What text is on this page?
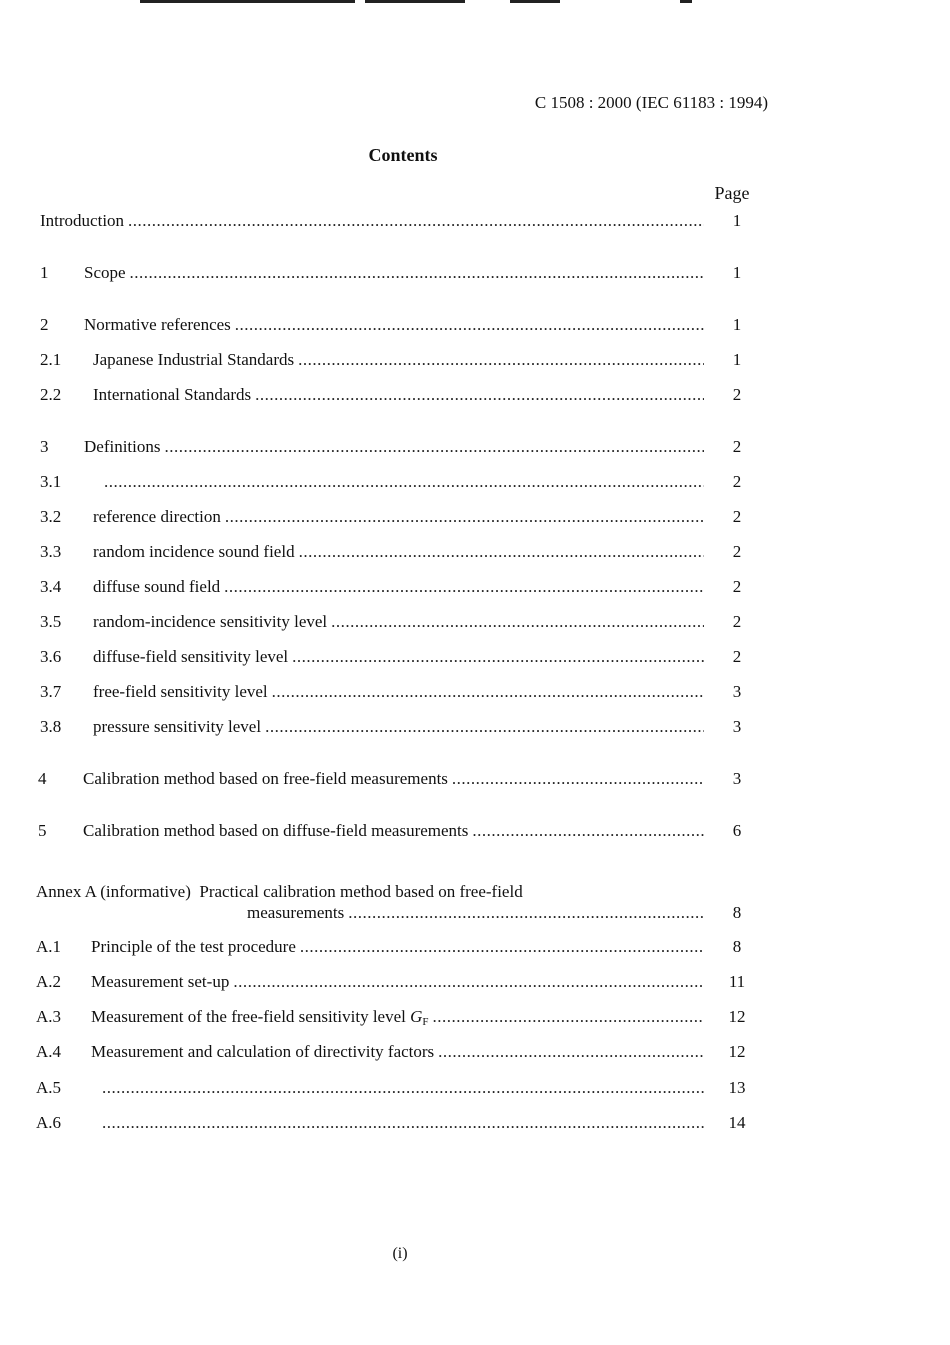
C 1508 : 2000 (IEC 61183 : 1994)
Contents
Page
Introduction .....	1
1 Scope .....	1
2 Normative references .....	1
2.1 Japanese Industrial Standards .....	1
2.2 International Standards .....	2
3 Definitions .....	2
3.1 .....	2
3.2 reference direction .....	2
3.3 random incidence sound field .....	2
3.4 diffuse sound field .....	2
3.5 random-incidence sensitivity level .....	2
3.6 diffuse-field sensitivity level .....	2
3.7 free-field sensitivity level .....	3
3.8 pressure sensitivity level .....	3
4 Calibration method based on free-field measurements .....	3
5 Calibration method based on diffuse-field measurements .....	6
Annex A (informative) Practical calibration method based on free-field
measurements .....	8
A.1 Principle of the test procedure .....	8
A.2 Measurement set-up .....	11
A.3 Measurement of the free-field sensitivity level $G_F$ .....	12
A.4 Measurement and calculation of directivity factors .....	12
A.5 .....	13
A.6 .....	14
(i)
